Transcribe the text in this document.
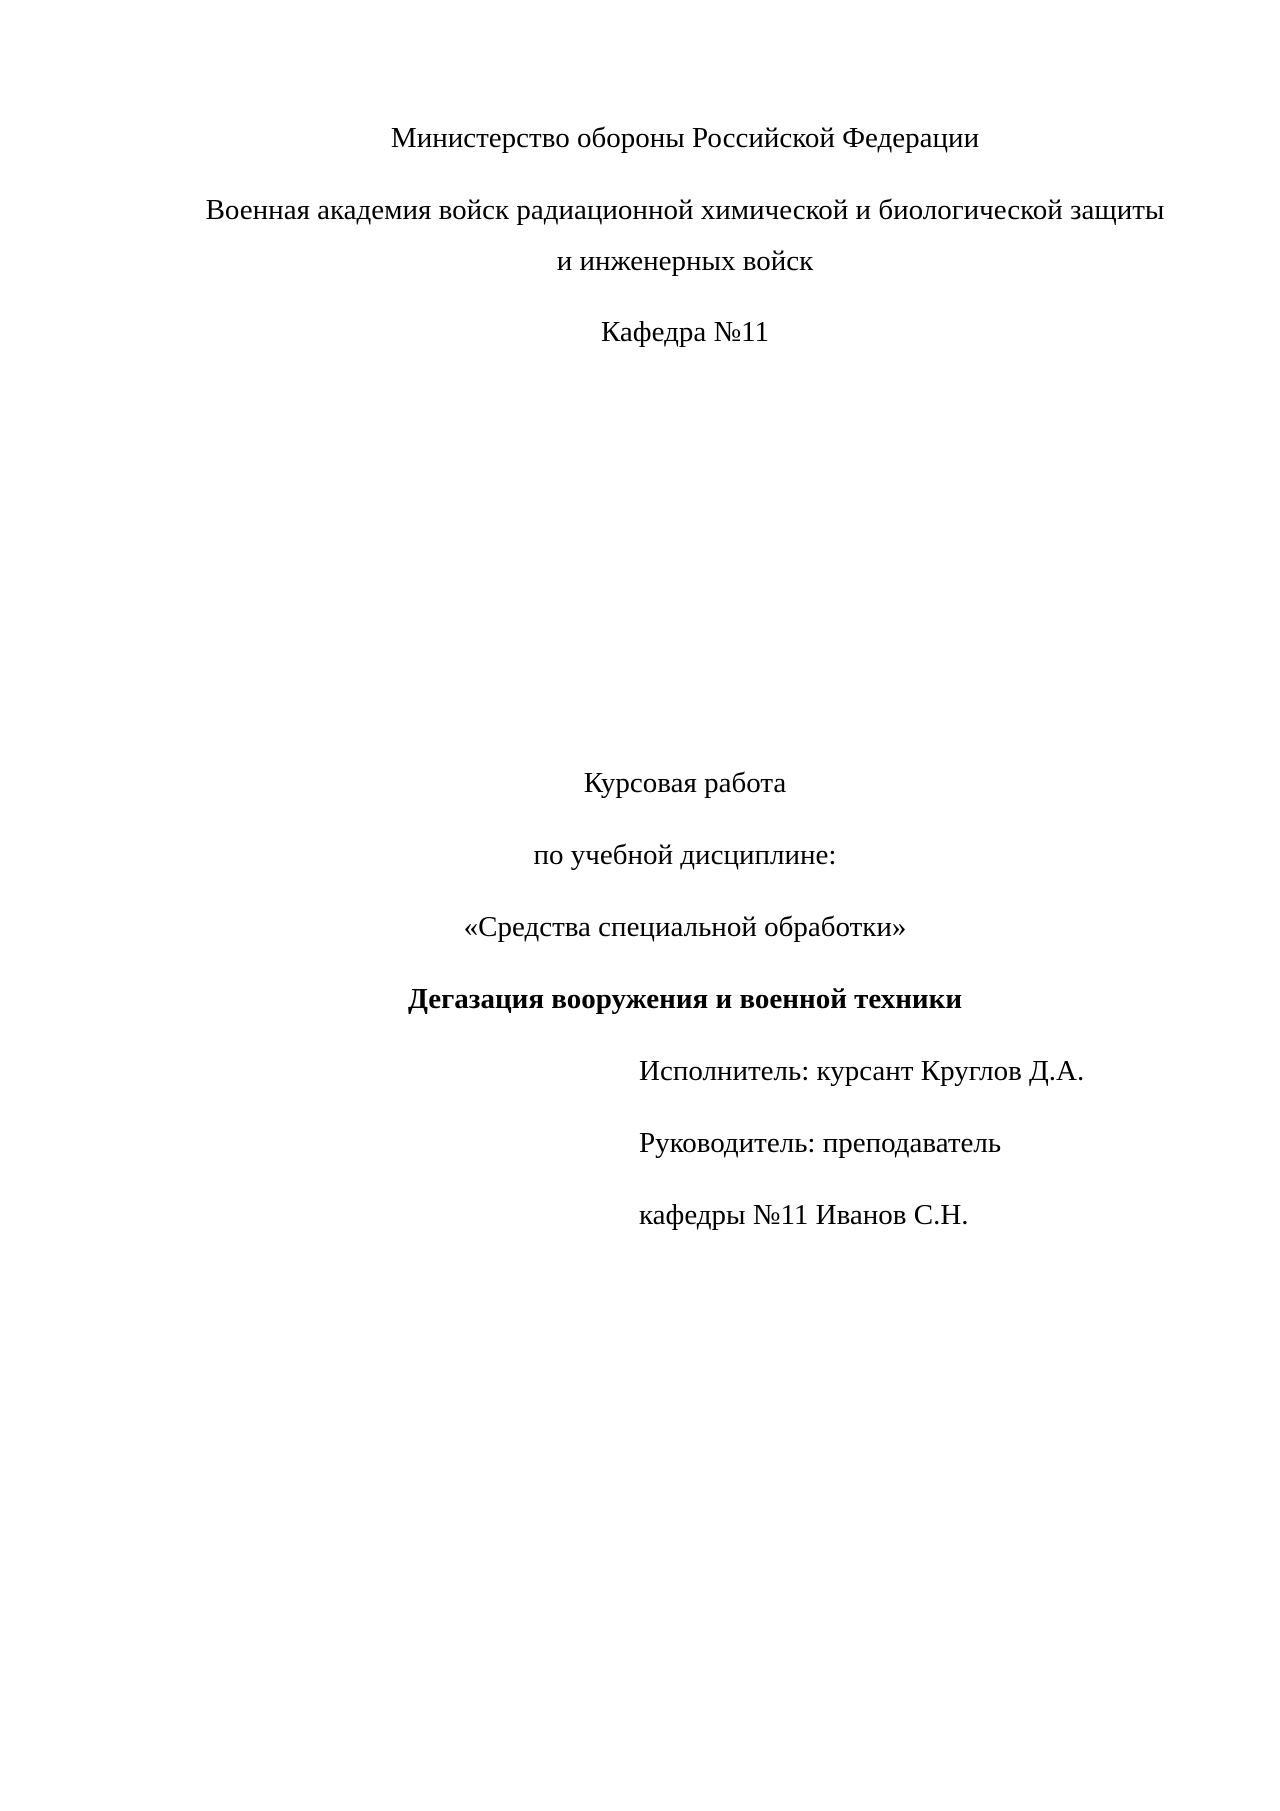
Министерство обороны Российской Федерации
Военная академия войск радиационной химической и биологической защиты
и инженерных войск
Кафедра №11
Курсовая работа
по учебной дисциплине:
«Средства специальной обработки»
Дегазация вооружения и военной техники
Исполнитель: курсант Круглов Д.А.
Руководитель: преподаватель
кафедры №11 Иванов С.Н.
